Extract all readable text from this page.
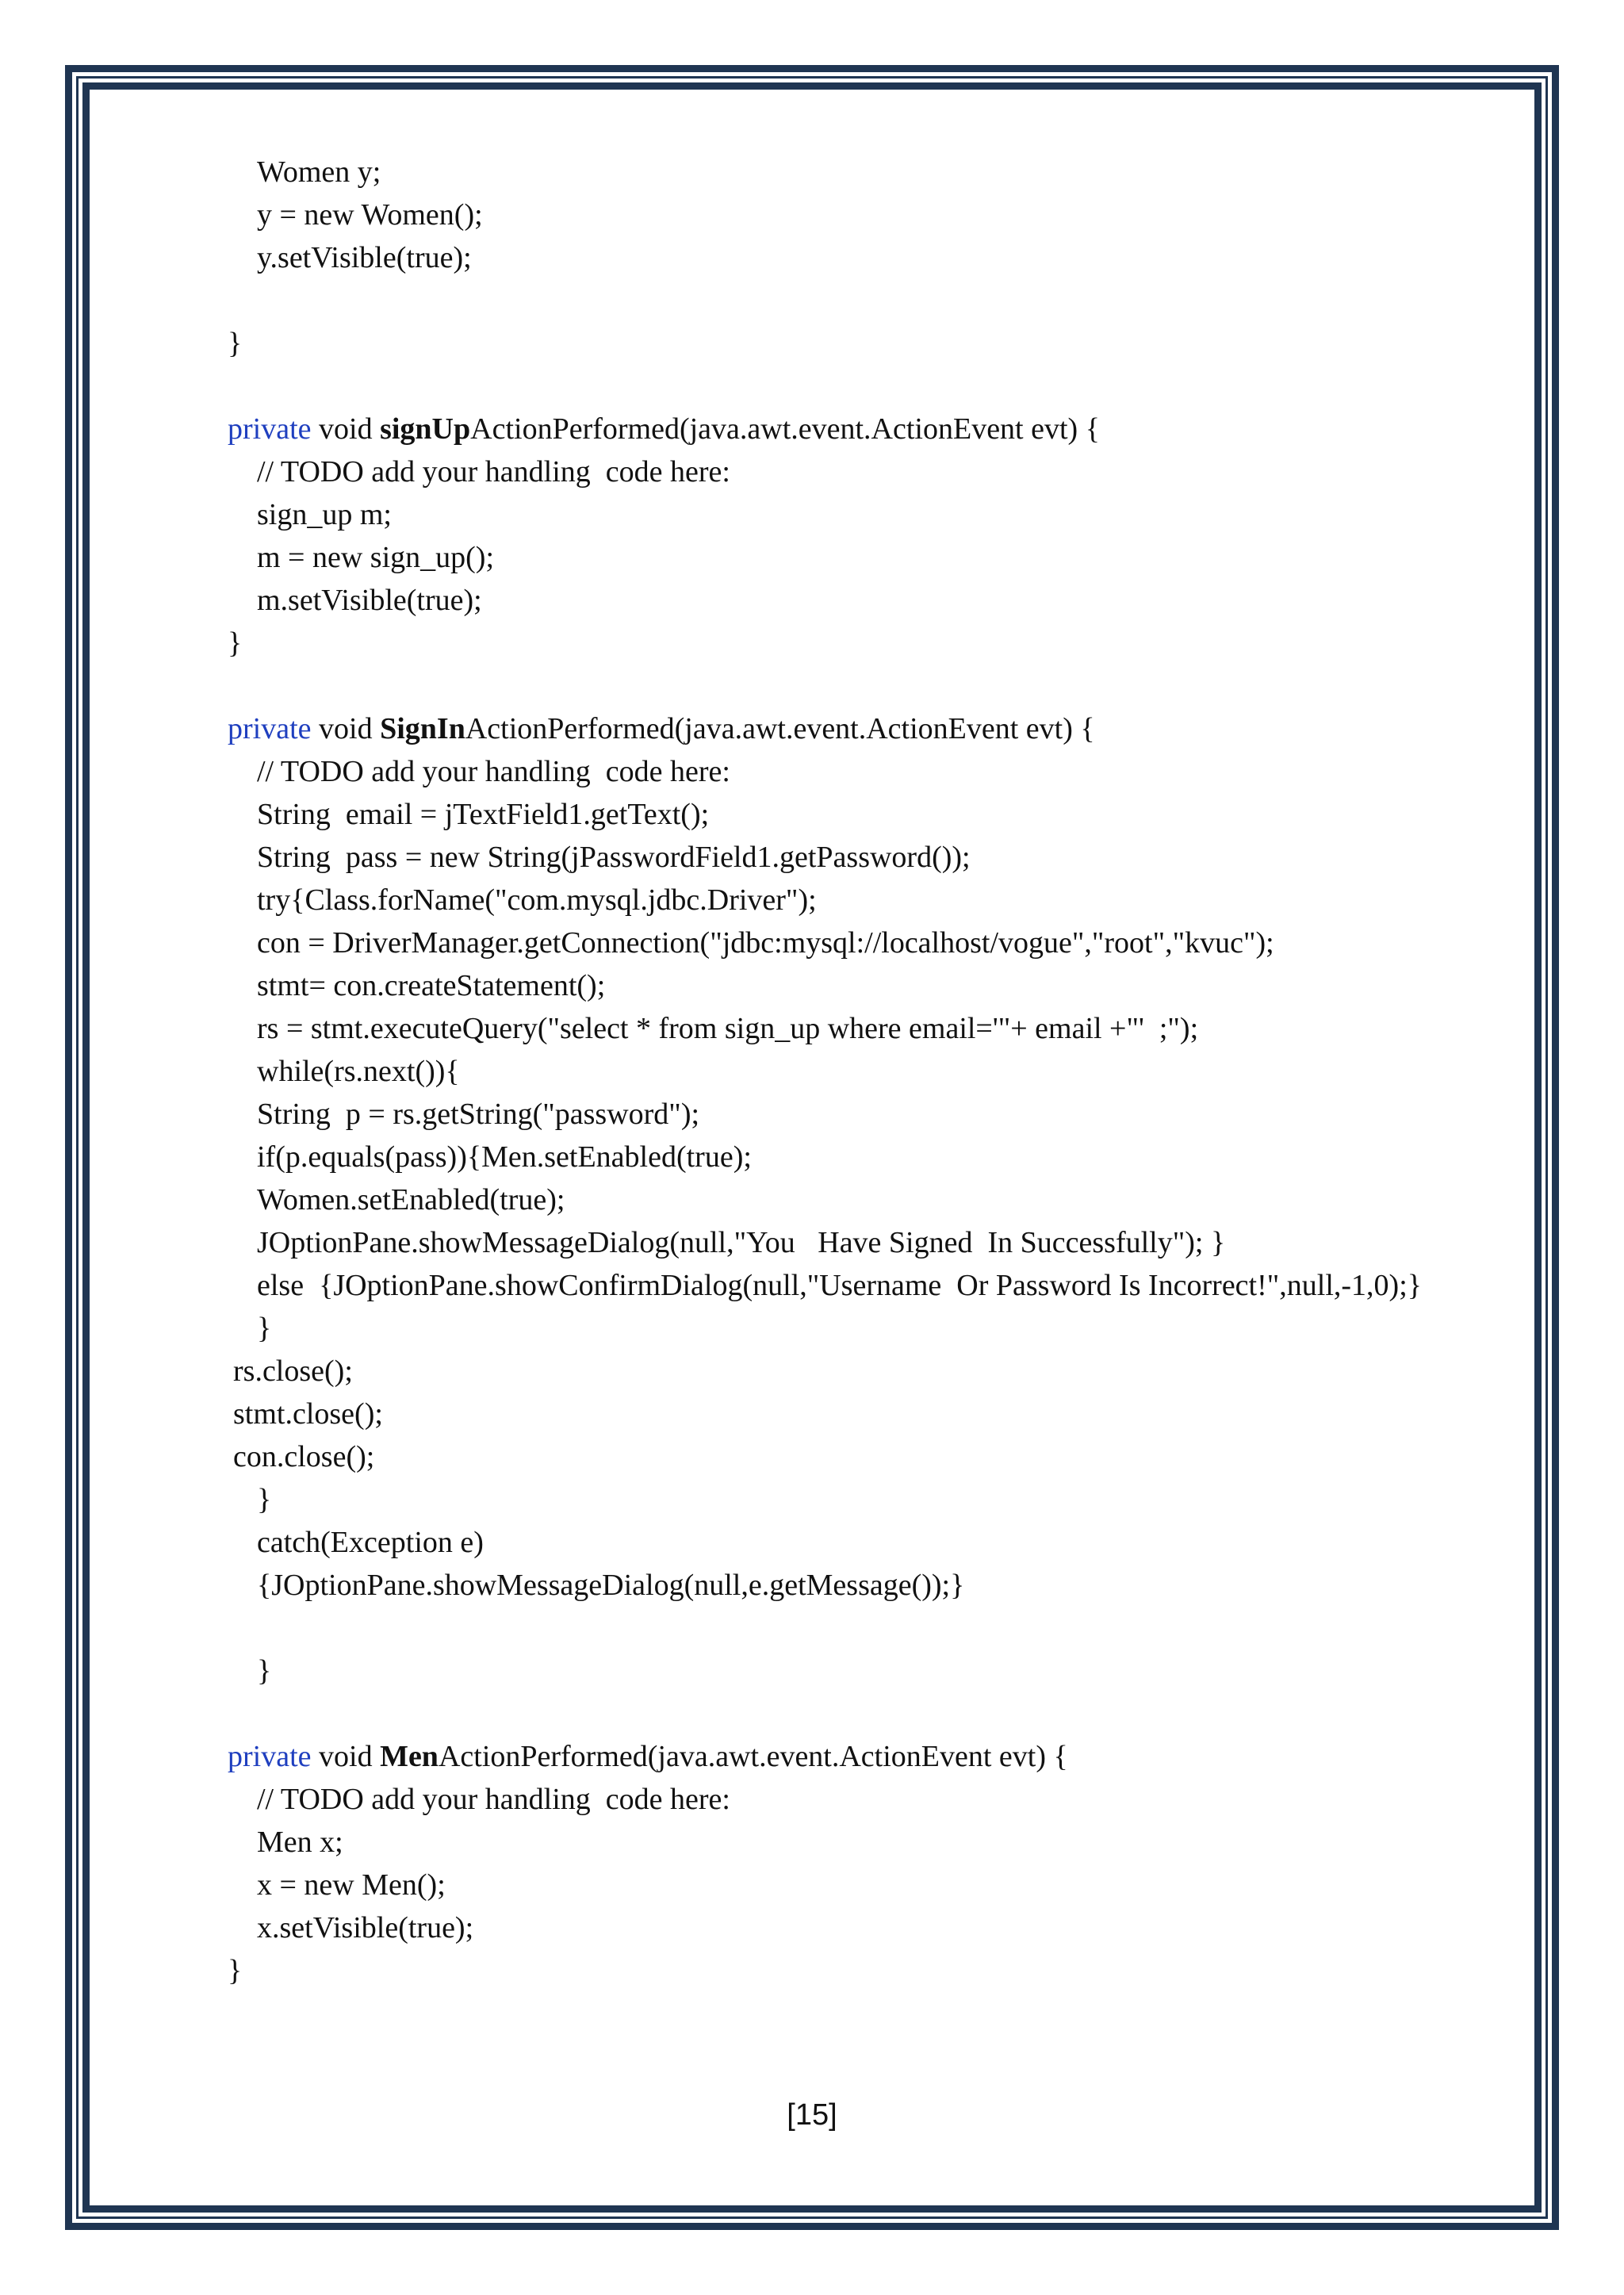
Women y;
y = new Women();
y.setVisible(true);
}
private void signUpActionPerformed(java.awt.event.ActionEvent evt) {
// TODO add your handling  code here:
sign_up m;
m = new sign_up();
m.setVisible(true);
}
private void SignInActionPerformed(java.awt.event.ActionEvent evt) {
// TODO add your handling  code here:
String  email = jTextField1.getText();
String  pass = new String(jPasswordField1.getPassword());
try{Class.forName("com.mysql.jdbc.Driver");
con = DriverManager.getConnection("jdbc:mysql://localhost/vogue","root","kvuc");
stmt= con.createStatement();
rs = stmt.executeQuery("select * from sign_up where email='"+ email +"'  ;");
while(rs.next()){
String  p = rs.getString("password");
if(p.equals(pass)){Men.setEnabled(true);
Women.setEnabled(true);
JOptionPane.showMessageDialog(null,"You   Have Signed  In Successfully"); }
else  {JOptionPane.showConfirmDialog(null,"Username  Or Password Is Incorrect!",null,-1,0);}
}
rs.close();
stmt.close();
con.close();
}
catch(Exception e)
{JOptionPane.showMessageDialog(null,e.getMessage());}
}
private void MenActionPerformed(java.awt.event.ActionEvent evt) {
// TODO add your handling  code here:
Men x;
x = new Men();
x.setVisible(true);
}
[15]
